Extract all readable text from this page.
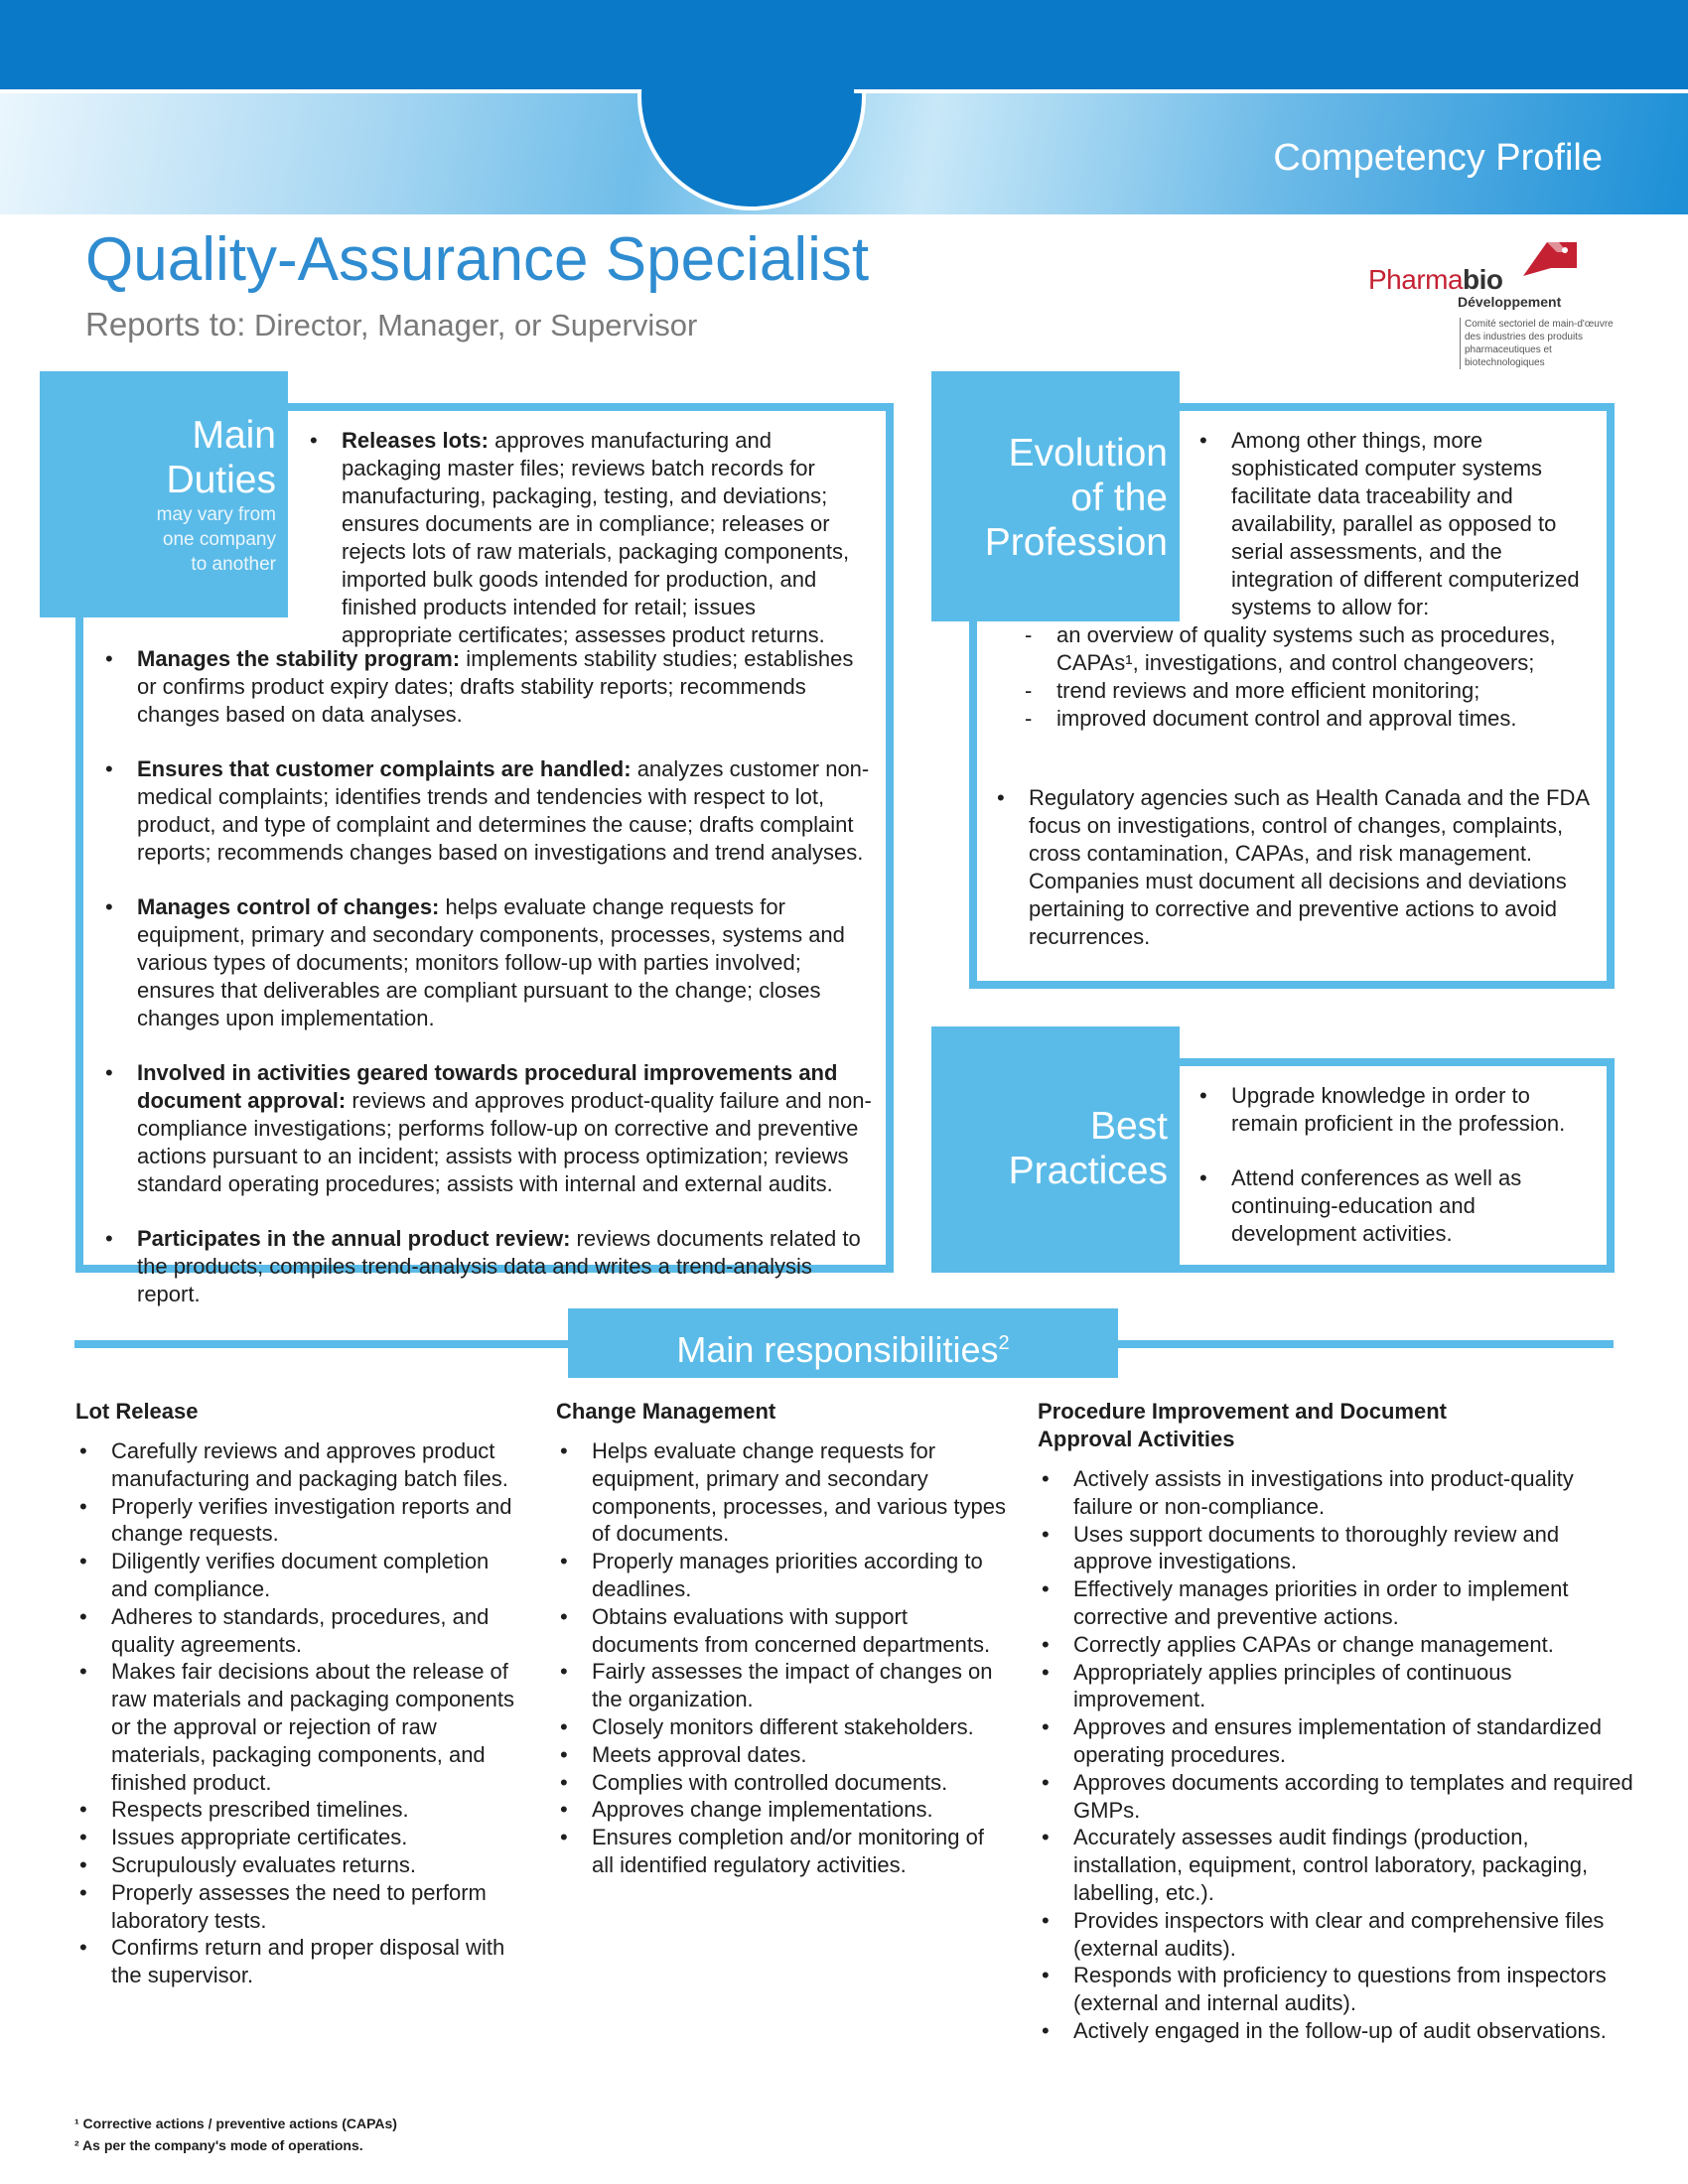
Competency Profile
Quality-Assurance Specialist
Reports to: Director, Manager, or Supervisor
Pharmabio
Développement
Comité sectoriel de main-d'œuvre
des industries des produits
pharmaceutiques et biotechnologiques
Main
Duties
may vary from
one company
to another
• Releases lots: approves manufacturing and packaging master files; reviews batch records for manufacturing, packaging, testing, and deviations; ensures documents are in compliance; releases or rejects lots of raw materials, packaging components, imported bulk goods intended for production, and finished products intended for retail; issues appropriate certificates; assesses product returns.
• Manages the stability program: implements stability studies; establishes or confirms product expiry dates; drafts stability reports; recommends changes based on data analyses.
• Ensures that customer complaints are handled: analyzes customer non-medical complaints; identifies trends and tendencies with respect to lot, product, and type of complaint and determines the cause; drafts complaint reports; recommends changes based on investigations and trend analyses.
• Manages control of changes: helps evaluate change requests for equipment, primary and secondary components, processes, systems and various types of documents; monitors follow-up with parties involved; ensures that deliverables are compliant pursuant to the change; closes changes upon implementation.
• Involved in activities geared towards procedural improvements and document approval: reviews and approves product-quality failure and non-compliance investigations; performs follow-up on corrective and preventive actions pursuant to an incident; assists with process optimization; reviews standard operating procedures; assists with internal and external audits.
• Participates in the annual product review: reviews documents related to the products; compiles trend-analysis data and writes a trend-analysis report.
Evolution
of the
Profession
• Among other things, more sophisticated computer systems facilitate data traceability and availability, parallel as opposed to serial assessments, and the integration of different computerized systems to allow for:
- an overview of quality systems such as procedures, CAPAs¹, investigations, and control changeovers;
- trend reviews and more efficient monitoring;
- improved document control and approval times.
• Regulatory agencies such as Health Canada and the FDA focus on investigations, control of changes, complaints, cross contamination, CAPAs, and risk management. Companies must document all decisions and deviations pertaining to corrective and preventive actions to avoid recurrences.
Best
Practices
• Upgrade knowledge in order to remain proficient in the profession.
• Attend conferences as well as continuing-education and development activities.
Main responsibilities$^2$
Lot Release
• Carefully reviews and approves product manufacturing and packaging batch files.
• Properly verifies investigation reports and change requests.
• Diligently verifies document completion and compliance.
• Adheres to standards, procedures, and quality agreements.
• Makes fair decisions about the release of raw materials and packaging components or the approval or rejection of raw materials, packaging components, and finished product.
• Respects prescribed timelines.
• Issues appropriate certificates.
• Scrupulously evaluates returns.
• Properly assesses the need to perform laboratory tests.
• Confirms return and proper disposal with the supervisor.
Change Management
• Helps evaluate change requests for equipment, primary and secondary components, processes, and various types of documents.
• Properly manages priorities according to deadlines.
• Obtains evaluations with support documents from concerned departments.
• Fairly assesses the impact of changes on the organization.
• Closely monitors different stakeholders.
• Meets approval dates.
• Complies with controlled documents.
• Approves change implementations.
• Ensures completion and/or monitoring of all identified regulatory activities.
Procedure Improvement and Document Approval Activities
• Actively assists in investigations into product-quality failure or non-compliance.
• Uses support documents to thoroughly review and approve investigations.
• Effectively manages priorities in order to implement corrective and preventive actions.
• Correctly applies CAPAs or change management.
• Appropriately applies principles of continuous improvement.
• Approves and ensures implementation of standardized operating procedures.
• Approves documents according to templates and required GMPs.
• Accurately assesses audit findings (production, installation, equipment, control laboratory, packaging, labelling, etc.).
• Provides inspectors with clear and comprehensive files (external audits).
• Responds with proficiency to questions from inspectors (external and internal audits).
• Actively engaged in the follow-up of audit observations.
¹ Corrective actions / preventive actions (CAPAs)
² As per the company's mode of operations.
